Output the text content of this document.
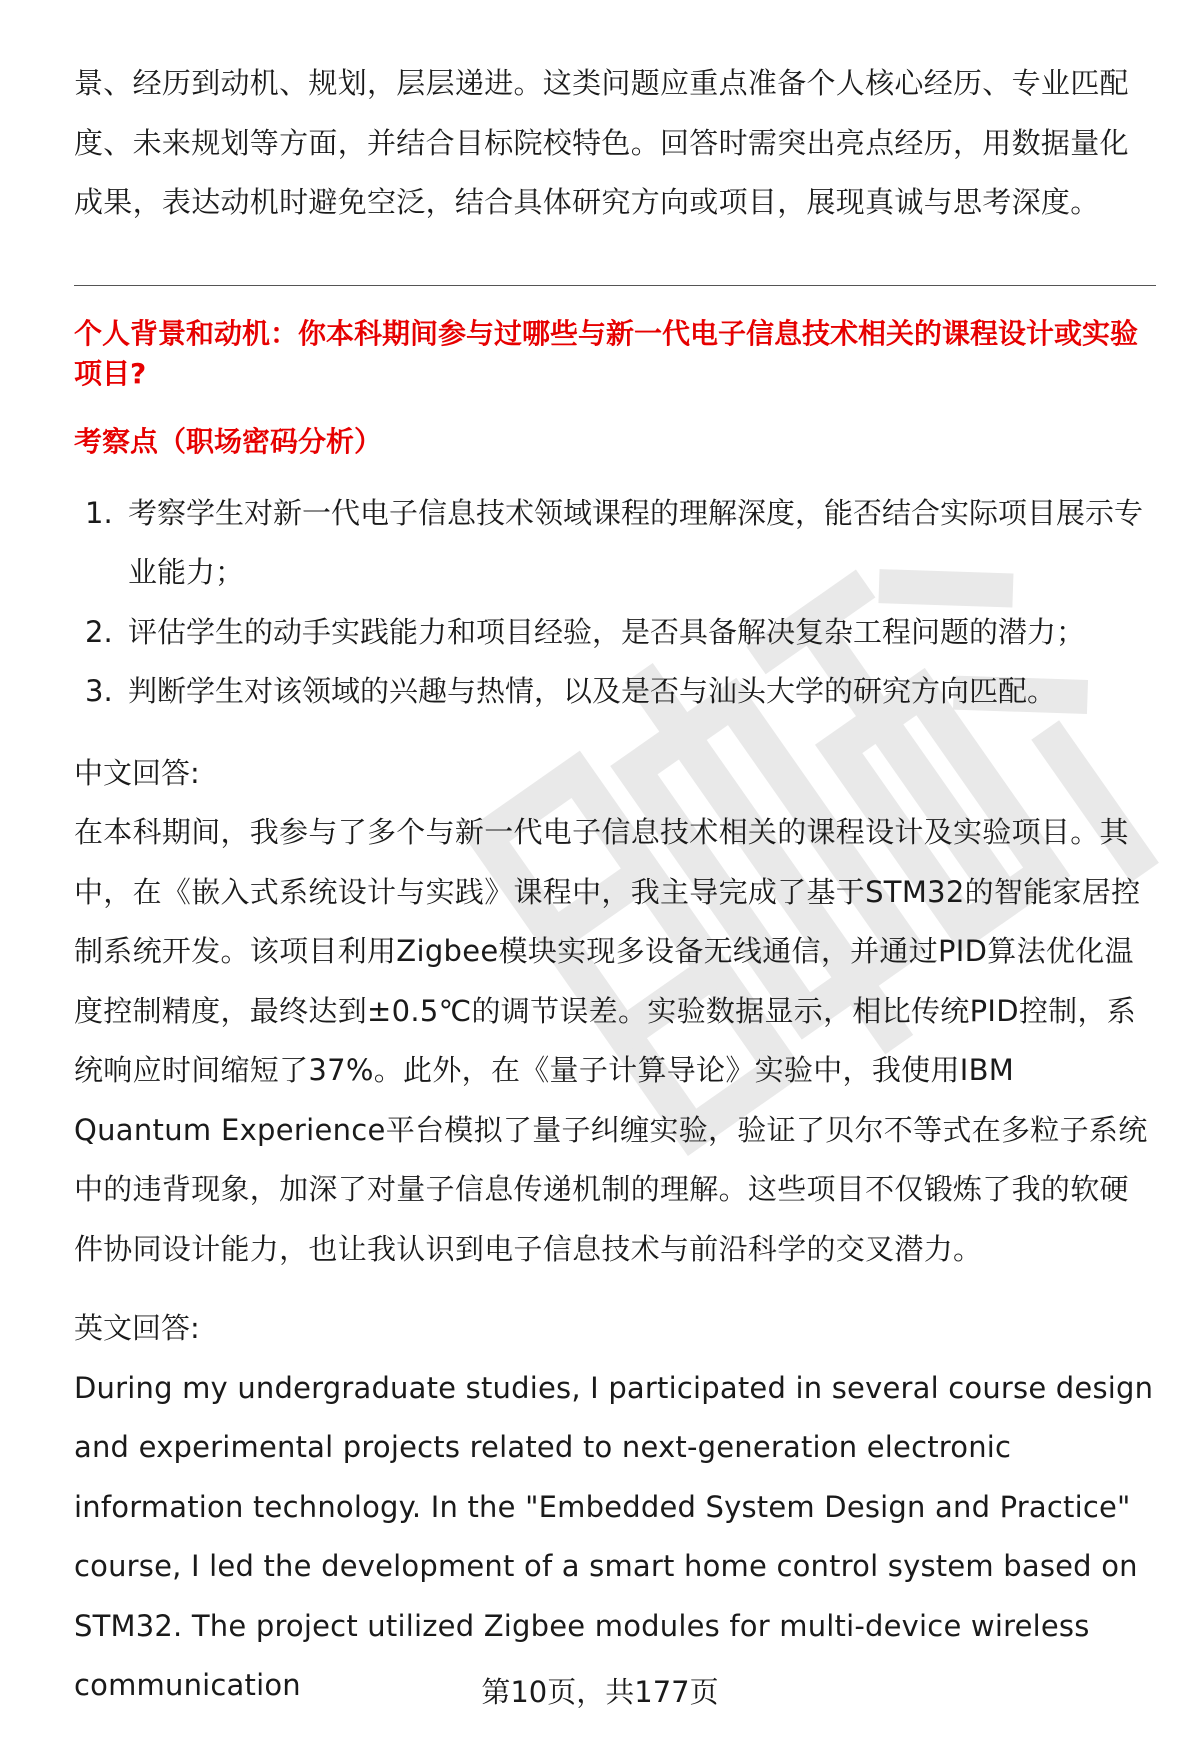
景、经历到动机、规划，层层递进。这类问题应重点准备个人核心经历、专业匹配度、未来规划等方面，并结合目标院校特色。回答时需突出亮点经历，用数据量化成果，表达动机时避免空泛，结合具体研究方向或项目，展现真诚与思考深度。

个人背景和动机：你本科期间参与过哪些与新一代电子信息技术相关的课程设计或实验项目?

考察点（职场密码分析）

1. 考察学生对新一代电子信息技术领域课程的理解深度，能否结合实际项目展示专业能力；
2. 评估学生的动手实践能力和项目经验，是否具备解决复杂工程问题的潜力；
3. 判断学生对该领域的兴趣与热情，以及是否与汕头大学的研究方向匹配。

中文回答:

在本科期间，我参与了多个与新一代电子信息技术相关的课程设计及实验项目。其中，在《嵌入式系统设计与实践》课程中，我主导完成了基于STM32的智能家居控制系统开发。该项目利用Zigbee模块实现多设备无线通信，并通过PID算法优化温度控制精度，最终达到±0.5℃的调节误差。实验数据显示，相比传统PID控制，系统响应时间缩短了37%。此外，在《量子计算导论》实验中，我使用IBM Quantum Experience平台模拟了量子纠缠实验，验证了贝尔不等式在多粒子系统中的违背现象，加深了对量子信息传递机制的理解。这些项目不仅锻炼了我的软硬件协同设计能力，也让我认识到电子信息技术与前沿科学的交叉潜力。

英文回答:

During my undergraduate studies, I participated in several course design and experimental projects related to next-generation electronic information technology. In the "Embedded System Design and Practice" course, I led the development of a smart home control system based on STM32. The project utilized Zigbee modules for multi-device wireless communication	第10页，共177页
